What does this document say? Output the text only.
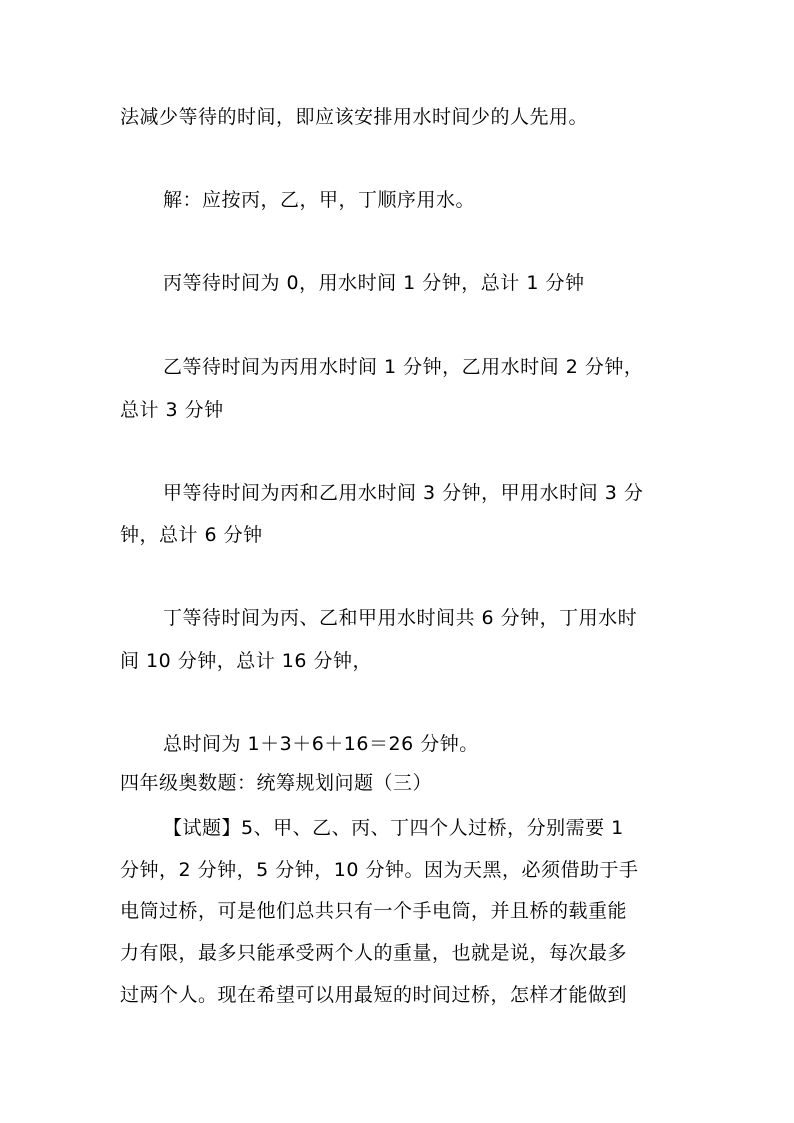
法减少等待的时间，即应该安排用水时间少的人先用。
解：应按丙，乙，甲，丁顺序用水。
丙等待时间为 0，用水时间 1 分钟，总计 1 分钟
乙等待时间为丙用水时间 1 分钟，乙用水时间 2 分钟，
总计 3 分钟
甲等待时间为丙和乙用水时间 3 分钟，甲用水时间 3 分
钟，总计 6 分钟
丁等待时间为丙、乙和甲用水时间共 6 分钟，丁用水时
间 10 分钟，总计 16 分钟，
总时间为 1＋3＋6＋16＝26 分钟。
四年级奥数题：统筹规划问题（三）
【试题】5、甲、乙、丙、丁四个人过桥，分别需要 1
分钟，2 分钟，5 分钟，10 分钟。因为天黑，必须借助于手
电筒过桥，可是他们总共只有一个手电筒，并且桥的载重能
力有限，最多只能承受两个人的重量，也就是说，每次最多
过两个人。现在希望可以用最短的时间过桥，怎样才能做到
